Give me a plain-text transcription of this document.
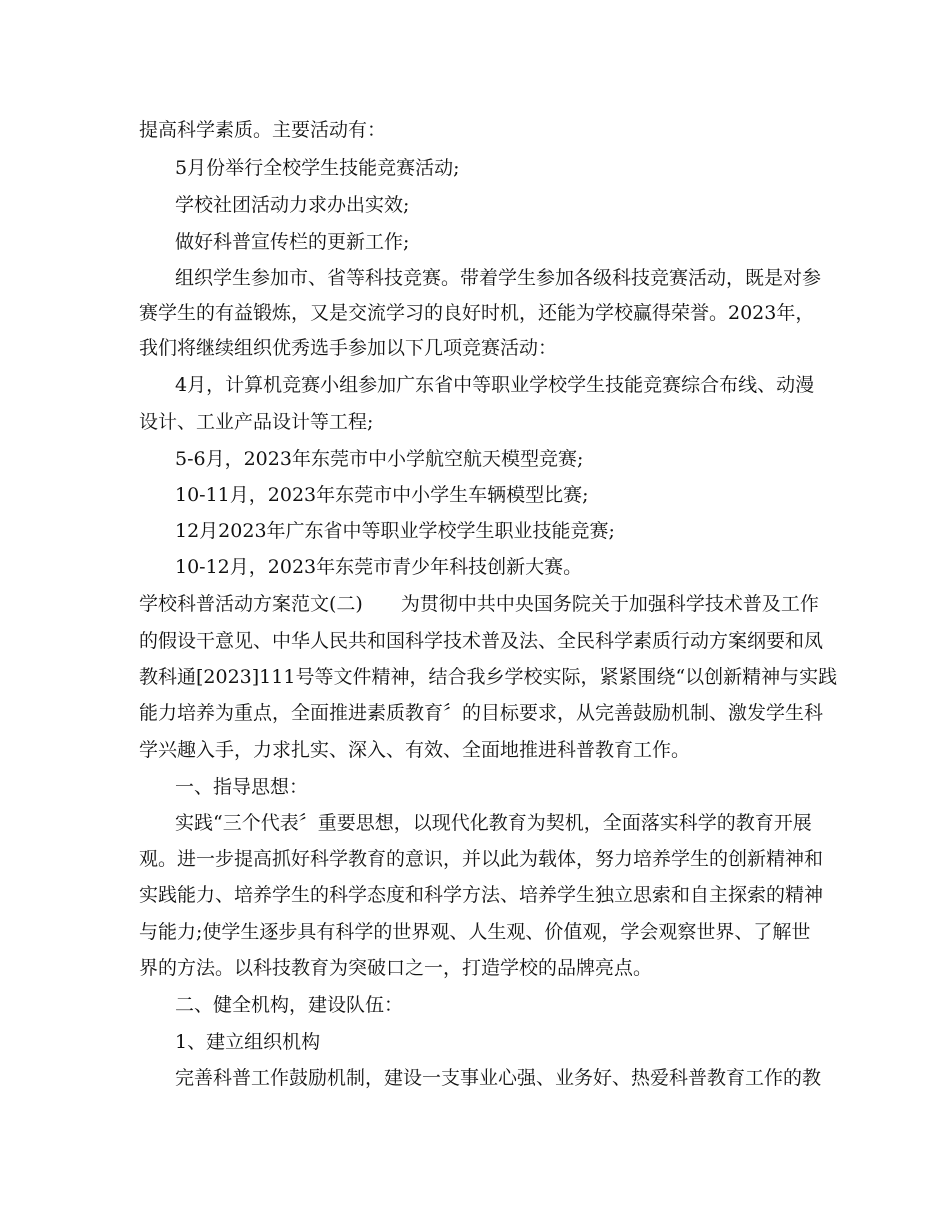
提高科学素质。主要活动有：
5月份举行全校学生技能竞赛活动;
学校社团活动力求办出实效;
做好科普宣传栏的更新工作;
组织学生参加市、省等科技竞赛。带着学生参加各级科技竞赛活动，既是对参
赛学生的有益锻炼，又是交流学习的良好时机，还能为学校赢得荣誉。2023年，
我们将继续组织优秀选手参加以下几项竞赛活动：
4月，计算机竞赛小组参加广东省中等职业学校学生技能竞赛综合布线、动漫
设计、工业产品设计等工程;
5-6月，2023年东莞市中小学航空航天模型竞赛;
10-11月，2023年东莞市中小学生车辆模型比赛;
12月2023年广东省中等职业学校学生职业技能竞赛;
10-12月，2023年东莞市青少年科技创新大赛。
学校科普活动方案范文(二)　　为贯彻中共中央国务院关于加强科学技术普及工作
的假设干意见、中华人民共和国科学技术普及法、全民科学素质行动方案纲要和凤
教科通[2023]111号等文件精神，结合我乡学校实际，紧紧围绕“以创新精神与实践
能力培养为重点，全面推进素质教育〞的目标要求，从完善鼓励机制、激发学生科
学兴趣入手，力求扎实、深入、有效、全面地推进科普教育工作。
一、指导思想：
实践“三个代表〞重要思想，以现代化教育为契机，全面落实科学的教育开展
观。进一步提高抓好科学教育的意识，并以此为载体，努力培养学生的创新精神和
实践能力、培养学生的科学态度和科学方法、培养学生独立思索和自主探索的精神
与能力;使学生逐步具有科学的世界观、人生观、价值观，学会观察世界、了解世
界的方法。以科技教育为突破口之一，打造学校的品牌亮点。
二、健全机构，建设队伍：
1、建立组织机构
完善科普工作鼓励机制，建设一支事业心强、业务好、热爱科普教育工作的教
